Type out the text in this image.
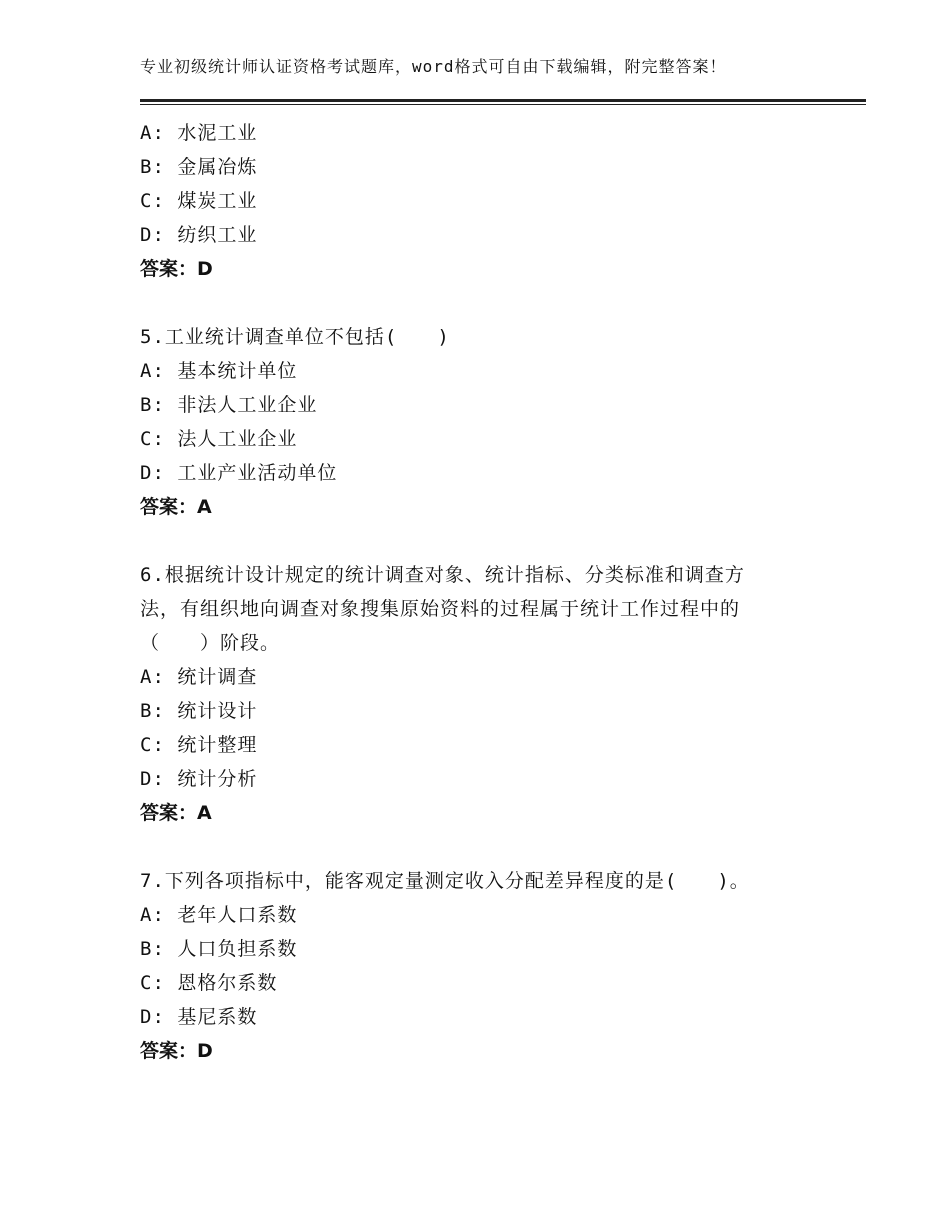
专业初级统计师认证资格考试题库，word格式可自由下载编辑，附完整答案！
A: 水泥工业
B: 金属冶炼
C: 煤炭工业
D: 纺织工业
答案：D
5.工业统计调查单位不包括(　　)
A: 基本统计单位
B: 非法人工业企业
C: 法人工业企业
D: 工业产业活动单位
答案：A
6.根据统计设计规定的统计调查对象、统计指标、分类标准和调查方
法，有组织地向调查对象搜集原始资料的过程属于统计工作过程中的
（　　）阶段。
A: 统计调查
B: 统计设计
C: 统计整理
D: 统计分析
答案：A
7.下列各项指标中，能客观定量测定收入分配差异程度的是(　　)。
A: 老年人口系数
B: 人口负担系数
C: 恩格尔系数
D: 基尼系数
答案：D
